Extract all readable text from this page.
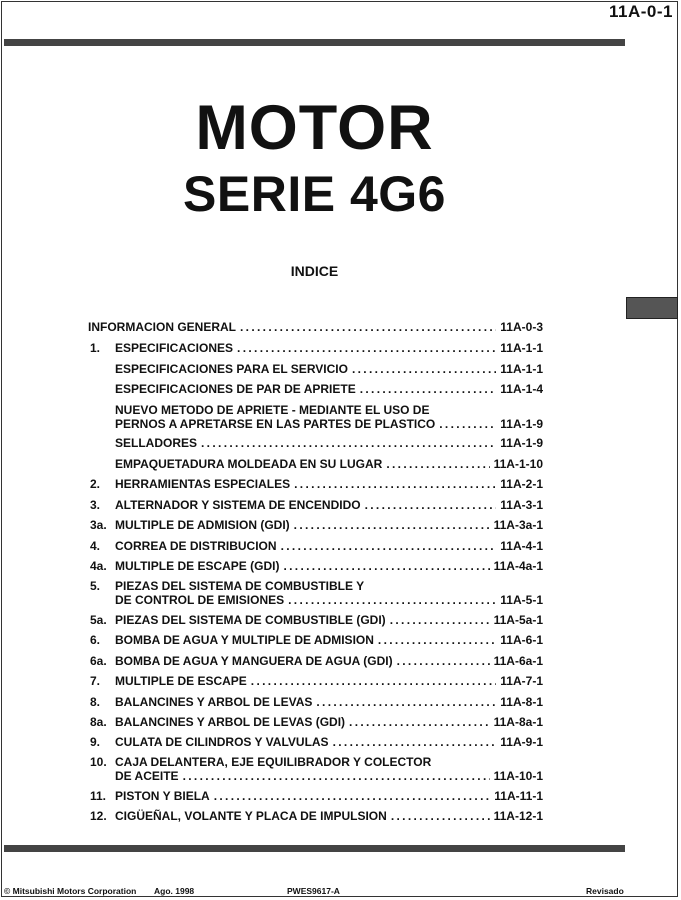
11A-0-1
MOTOR
SERIE 4G6
INDICE
INFORMACION GENERAL . . .	11A-0-3
1. ESPECIFICACIONES . . .	11A-1-1
ESPECIFICACIONES PARA EL SERVICIO . . .	11A-1-1
ESPECIFICACIONES DE PAR DE APRIETE . . .	11A-1-4
NUEVO METODO DE APRIETE - MEDIANTE EL USO DE
PERNOS A APRETARSE EN LAS PARTES DE PLASTICO . . .	11A-1-9
SELLADORES . . .	11A-1-9
EMPAQUETADURA MOLDEADA EN SU LUGAR . . .	11A-1-10
2. HERRAMIENTAS ESPECIALES . . .	11A-2-1
3. ALTERNADOR Y SISTEMA DE ENCENDIDO . . .	11A-3-1
3a. MULTIPLE DE ADMISION (GDI) . . .	11A-3a-1
4. CORREA DE DISTRIBUCION . . .	11A-4-1
4a. MULTIPLE DE ESCAPE (GDI) . . .	11A-4a-1
5.	PIEZAS DEL SISTEMA DE COMBUSTIBLE Y
DE CONTROL DE EMISIONES . . .	11A-5-1
5a. PIEZAS DEL SISTEMA DE COMBUSTIBLE (GDI) . . .	11A-5a-1
6. BOMBA DE AGUA Y MULTIPLE DE ADMISION . . .	11A-6-1
6a. BOMBA DE AGUA Y MANGUERA DE AGUA (GDI) . . .	11A-6a-1
7. MULTIPLE DE ESCAPE . . .	11A-7-1
8. BALANCINES Y ARBOL DE LEVAS . . .	11A-8-1
8a. BALANCINES Y ARBOL DE LEVAS (GDI) . . .	11A-8a-1
9. CULATA DE CILINDROS Y VALVULAS . . .	11A-9-1
10. CAJA DELANTERA, EJE EQUILIBRADOR Y COLECTOR
DE ACEITE . . .	11A-10-1
11. PISTON Y BIELA . . .	11A-11-1
12. CIGÜEÑAL, VOLANTE Y PLACA DE IMPULSION . . .	11A-12-1
© Mitsubishi Motors Corporation Ago. 1998	PWES9617-A	Revisado
